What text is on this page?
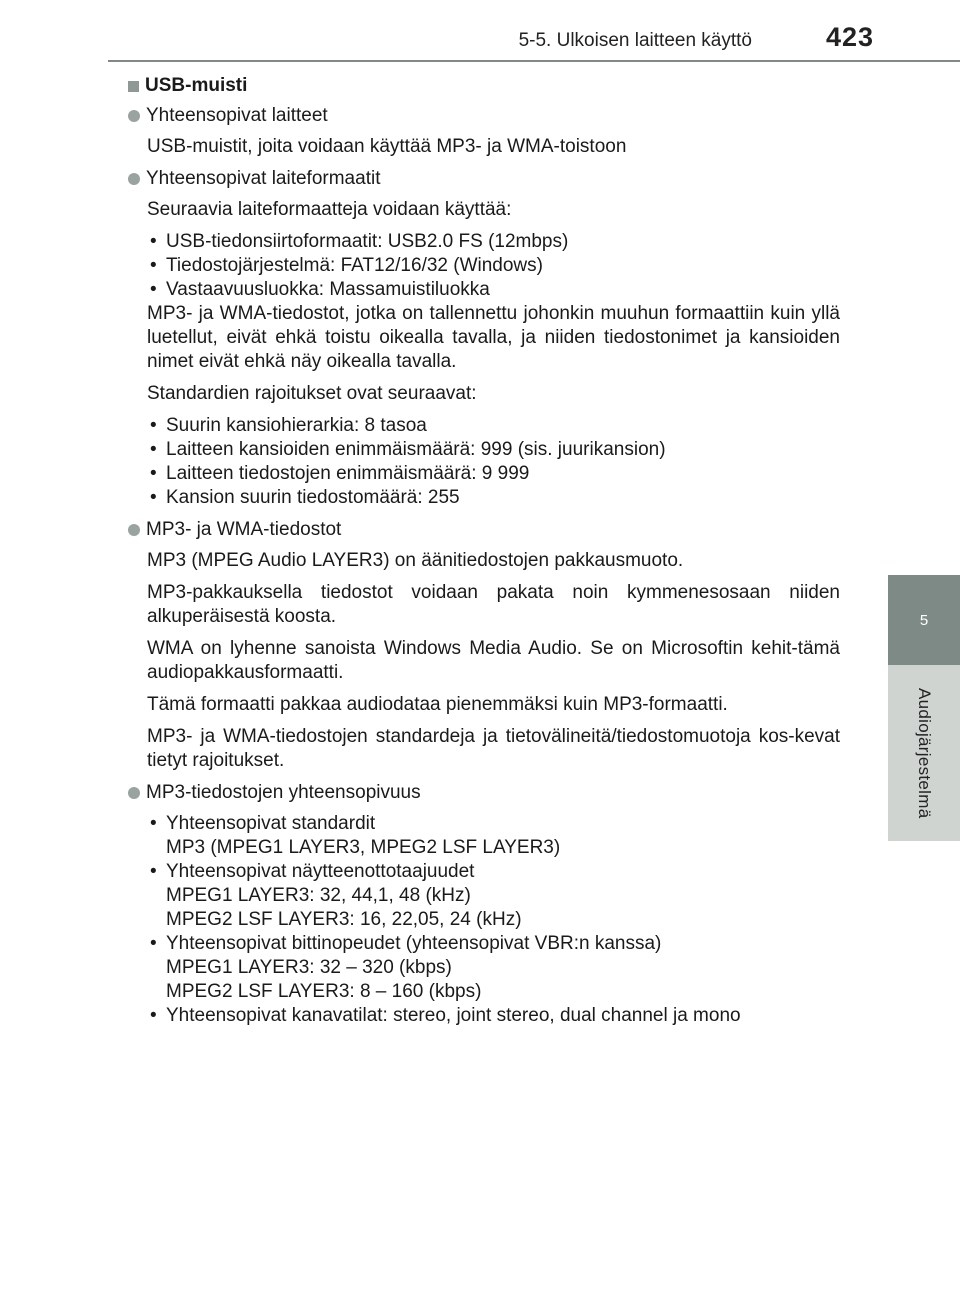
5-5. Ulkoisen laitteen käyttö	423
5
Audiojärjestelmä
USB-muisti
Yhteensopivat laitteet

USB-muistit, joita voidaan käyttää MP3- ja WMA-toistoon

Yhteensopivat laiteformaatit

Seuraavia laiteformaatteja voidaan käyttää:

• USB-tiedonsiirtoformaatit: USB2.0 FS (12mbps)
• Tiedostojärjestelmä: FAT12/16/32 (Windows)
• Vastaavuusluokka: Massamuistiluokka

MP3- ja WMA-tiedostot, jotka on tallennettu johonkin muuhun formaattiin kuin yllä luetellut, eivät ehkä toistu oikealla tavalla, ja niiden tiedostonimet ja kansioiden nimet eivät ehkä näy oikealla tavalla.

Standardien rajoitukset ovat seuraavat:

• Suurin kansiohierarkia: 8 tasoa
• Laitteen kansioiden enimmäismäärä: 999 (sis. juurikansion)
• Laitteen tiedostojen enimmäismäärä: 9 999
• Kansion suurin tiedostomäärä: 255
MP3- ja WMA-tiedostot

MP3 (MPEG Audio LAYER3) on äänitiedostojen pakkausmuoto.

MP3-pakkauksella tiedostot voidaan pakata noin kymmenesosaan niiden alkuperäisestä koosta.

WMA on lyhenne sanoista Windows Media Audio. Se on Microsoftin kehit-tämä audiopakkausformaatti.

Tämä formaatti pakkaa audiodataa pienemmäksi kuin MP3-formaatti.

MP3- ja WMA-tiedostojen standardeja ja tietovälineitä/tiedostomuotoja kos-kevat tietyt rajoitukset.

MP3-tiedostojen yhteensopivuus
• Yhteensopivat standardit
MP3 (MPEG1 LAYER3, MPEG2 LSF LAYER3)
• Yhteensopivat näytteenottotaajuudet
MPEG1 LAYER3: 32, 44,1, 48 (kHz)
MPEG2 LSF LAYER3: 16, 22,05, 24 (kHz)
• Yhteensopivat bittinopeudet (yhteensopivat VBR:n kanssa)
MPEG1 LAYER3: 32 – 320 (kbps)
MPEG2 LSF LAYER3: 8 – 160 (kbps)
• Yhteensopivat kanavatilat: stereo, joint stereo, dual channel ja mono
